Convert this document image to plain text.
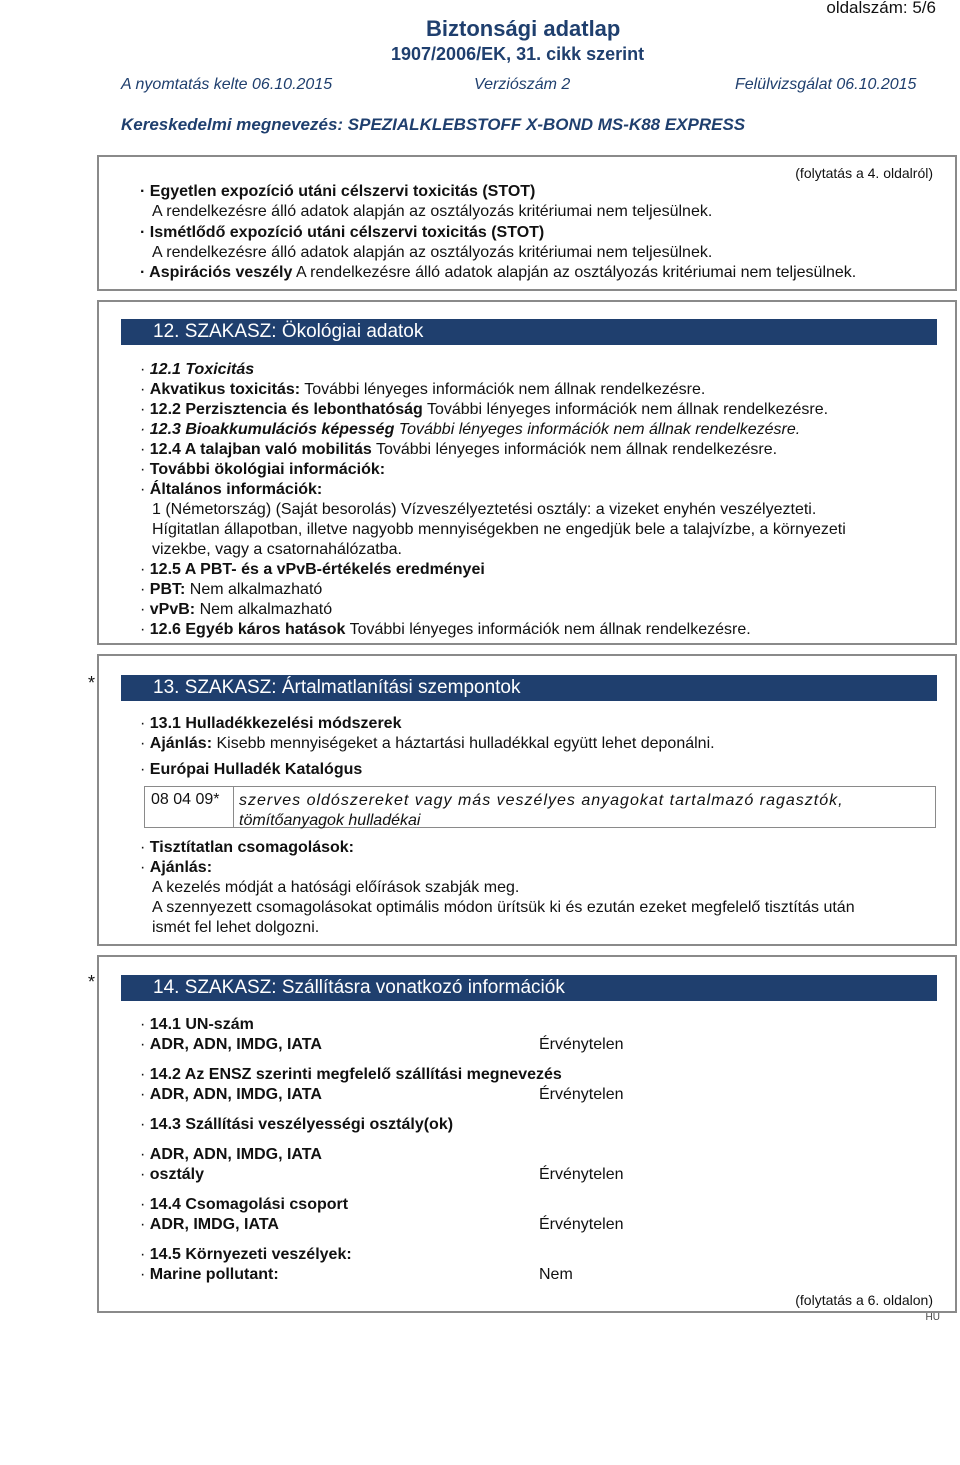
oldalszám: 5/6
Biztonsági adatlap
1907/2006/EK, 31. cikk szerint
A nyomtatás kelte 06.10.2015	Verziószám 2	Felülvizsgálat 06.10.2015
Kereskedelmi megnevezés: SPEZIALKLEBSTOFF X-BOND MS-K88 EXPRESS
(folytatás a 4. oldalról)
· Egyetlen expozíció utáni célszervi toxicitás (STOT)
A rendelkezésre álló adatok alapján az osztályozás kritériumai nem teljesülnek.
· Ismétlődő expozíció utáni célszervi toxicitás (STOT)
A rendelkezésre álló adatok alapján az osztályozás kritériumai nem teljesülnek.
· Aspirációs veszély A rendelkezésre álló adatok alapján az osztályozás kritériumai nem teljesülnek.
12. SZAKASZ: Ökológiai adatok
· 12.1 Toxicitás
· Akvatikus toxicitás: További lényeges információk nem állnak rendelkezésre.
· 12.2 Perzisztencia és lebonthatóság További lényeges információk nem állnak rendelkezésre.
· 12.3 Bioakkumulációs képesség További lényeges információk nem állnak rendelkezésre.
· 12.4 A talajban való mobilitás További lényeges információk nem állnak rendelkezésre.
· További ökológiai információk:
· Általános információk:
1 (Németország) (Saját besorolás) Vízveszélyeztetési osztály: a vizeket enyhén veszélyezteti.
Hígitatlan állapotban, illetve nagyobb mennyiségekben ne engedjük bele a talajvízbe, a környezeti
vizekbe, vagy a csatornahálózatba.
· 12.5 A PBT- és a vPvB-értékelés eredményei
· PBT: Nem alkalmazható
· vPvB: Nem alkalmazható
· 12.6 Egyéb káros hatások További lényeges információk nem állnak rendelkezésre.
*	13. SZAKASZ: Ártalmatlanítási szempontok
· 13.1 Hulladékkezelési módszerek
· Ajánlás: Kisebb mennyiségeket a háztartási hulladékkal együtt lehet deponálni.
· Európai Hulladék Katalógus
08 04 09* szerves oldószereket vagy más veszélyes anyagokat tartalmazó ragasztók,
tömítőanyagok hulladékai
· Tisztítatlan csomagolások:
· Ajánlás:
A kezelés módját a hatósági előírások szabják meg.
A szennyezett csomagolásokat optimális módon ürítsük ki és ezután ezeket megfelelő tisztítás után
ismét fel lehet dolgozni.
*	14. SZAKASZ: Szállításra vonatkozó információk
· 14.1 UN-szám
· ADR, ADN, IMDG, IATA	Érvénytelen
· 14.2 Az ENSZ szerinti megfelelő szállítási megnevezés
· ADR, ADN, IMDG, IATA	Érvénytelen
· 14.3 Szállítási veszélyességi osztály(ok)
· ADR, ADN, IMDG, IATA
· osztály	Érvénytelen
· 14.4 Csomagolási csoport
· ADR, IMDG, IATA	Érvénytelen
· 14.5 Környezeti veszélyek:
· Marine pollutant:	Nem
(folytatás a 6. oldalon)
HU
